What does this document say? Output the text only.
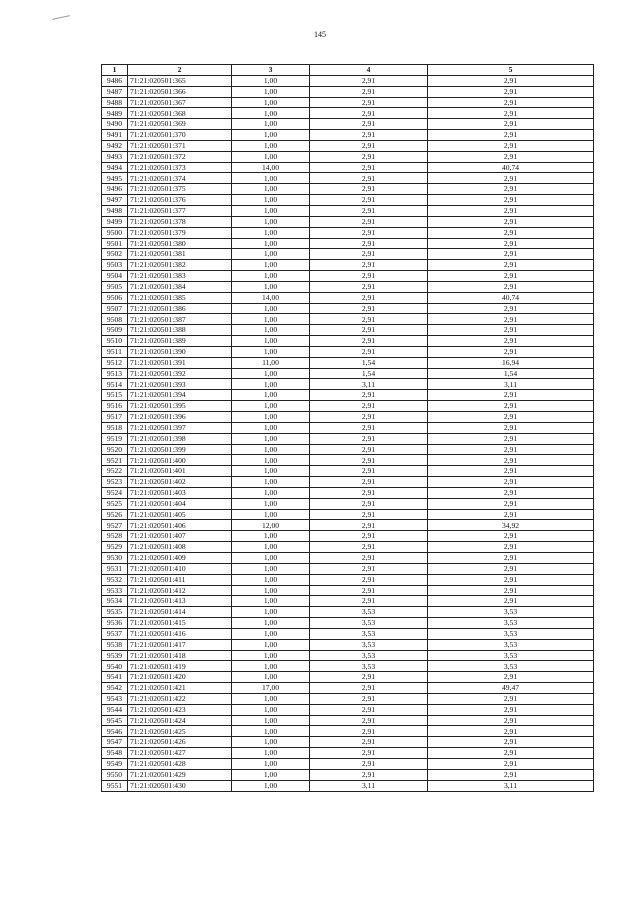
145
1	2	3	4	5
9486	71:21:020501:365	1,00	2,91	2,91
9487	71:21:020501:366	1,00	2,91	2,91
9488	71:21:020501:367	1,00	2,91	2,91
9489	71:21:020501:368	1,00	2,91	2,91
9490	71:21:020501:369	1,00	2,91	2,91
9491	71:21:020501:370	1,00	2,91	2,91
9492	71:21:020501:371	1,00	2,91	2,91
9493	71:21:020501:372	1,00	2,91	2,91
9494	71:21:020501:373	14,00	2,91	40,74
9495	71:21:020501:374	1,00	2,91	2,91
9496	71:21:020501:375	1,00	2,91	2,91
9497	71:21:020501:376	1,00	2,91	2,91
9498	71:21:020501:377	1,00	2,91	2,91
9499	71:21:020501:378	1,00	2,91	2,91
9500	71:21:020501:379	1,00	2,91	2,91
9501	71:21:020501:380	1,00	2,91	2,91
9502	71:21:020501:381	1,00	2,91	2,91
9503	71:21:020501:382	1,00	2,91	2,91
9504	71:21:020501:383	1,00	2,91	2,91
9505	71:21:020501:384	1,00	2,91	2,91
9506	71:21:020501:385	14,00	2,91	40,74
9507	71:21:020501:386	1,00	2,91	2,91
9508	71:21:020501:387	1,00	2,91	2,91
9509	71:21:020501:388	1,00	2,91	2,91
9510	71:21:020501:389	1,00	2,91	2,91
9511	71:21:020501:390	1,00	2,91	2,91
9512	71:21:020501:391	11,00	1,54	16,94
9513	71:21:020501:392	1,00	1,54	1,54
9514	71:21:020501:393	1,00	3,11	3,11
9515	71:21:020501:394	1,00	2,91	2,91
9516	71:21:020501:395	1,00	2,91	2,91
9517	71:21:020501:396	1,00	2,91	2,91
9518	71:21:020501:397	1,00	2,91	2,91
9519	71:21:020501:398	1,00	2,91	2,91
9520	71:21:020501:399	1,00	2,91	2,91
9521	71:21:020501:400	1,00	2,91	2,91
9522	71:21:020501:401	1,00	2,91	2,91
9523	71:21:020501:402	1,00	2,91	2,91
9524	71:21:020501:403	1,00	2,91	2,91
9525	71:21:020501:404	1,00	2,91	2,91
9526	71:21:020501:405	1,00	2,91	2,91
9527	71:21:020501:406	12,00	2,91	34,92
9528	71:21:020501:407	1,00	2,91	2,91
9529	71:21:020501:408	1,00	2,91	2,91
9530	71:21:020501:409	1,00	2,91	2,91
9531	71:21:020501:410	1,00	2,91	2,91
9532	71:21:020501:411	1,00	2,91	2,91
9533	71:21:020501:412	1,00	2,91	2,91
9534	71:21:020501:413	1,00	2,91	2,91
9535	71:21:020501:414	1,00	3,53	3,53
9536	71:21:020501:415	1,00	3,53	3,53
9537	71:21:020501:416	1,00	3,53	3,53
9538	71:21:020501:417	1,00	3,53	3,53
9539	71:21:020501:418	1,00	3,53	3,53
9540	71:21:020501:419	1,00	3,53	3,53
9541	71:21:020501:420	1,00	2,91	2,91
9542	71:21:020501:421	17,00	2,91	49,47
9543	71:21:020501:422	1,00	2,91	2,91
9544	71:21:020501:423	1,00	2,91	2,91
9545	71:21:020501:424	1,00	2,91	2,91
9546	71:21:020501:425	1,00	2,91	2,91
9547	71:21:020501:426	1,00	2,91	2,91
9548	71:21:020501:427	1,00	2,91	2,91
9549	71:21:020501:428	1,00	2,91	2,91
9550	71:21:020501:429	1,00	2,91	2,91
9551	71:21:020501:430	1,00	3,11	3,11
